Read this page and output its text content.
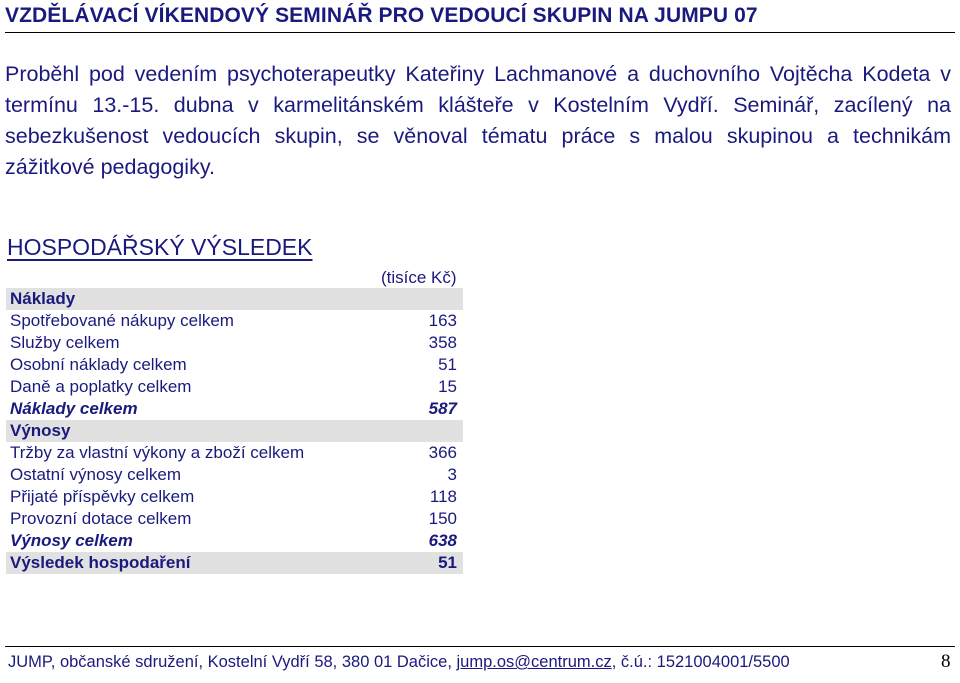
VZDĚLÁVACÍ VÍKENDOVÝ SEMINÁŘ PRO VEDOUCÍ SKUPIN NA JUMPU 07

Proběhl pod vedením psychoterapeutky Kateřiny Lachmanové a duchovního Vojtěcha Kodeta v termínu 13.-15. dubna v karmelitánském klášteře v Kostelním Vydří. Seminář, zacílený na sebezkušenost vedoucích skupin, se věnoval tématu práce s malou skupinou a technikám zážitkové pedagogiky.

HOSPODÁŘSKÝ VÝSLEDEK
(tisíce Kč)
Náklady	
Spotřebované nákupy celkem	163
Služby celkem	358
Osobní náklady celkem	51
Daně a poplatky celkem	15
Náklady celkem	587
Výnosy	
Tržby za vlastní výkony a zboží celkem	366
Ostatní výnosy celkem	3
Přijaté příspěvky celkem	118
Provozní dotace celkem	150
Výnosy celkem	638
Výsledek hospodaření	51
JUMP, občanské sdružení, Kostelní Vydří 58, 380 01 Dačice, jump.os@centrum.cz, č.ú.: 1521004001/5500	8
